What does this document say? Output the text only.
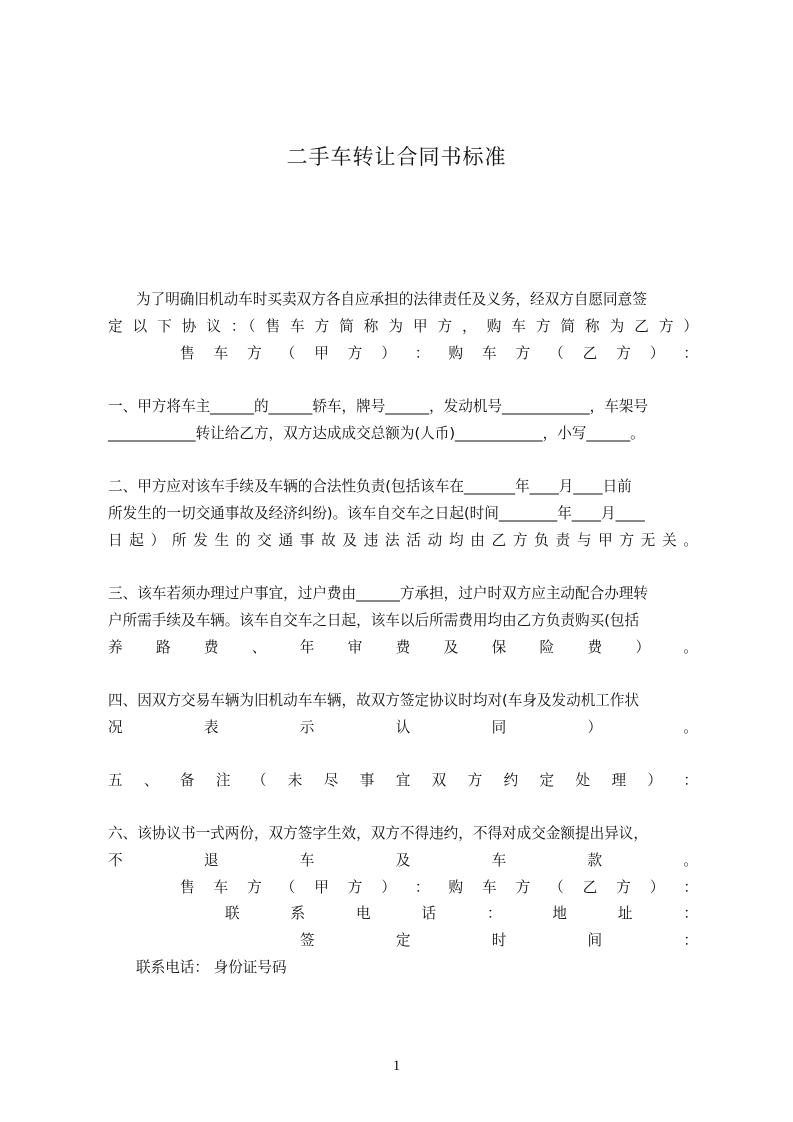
二手车转让合同书标准
为了明确旧机动车时买卖双方各自应承担的法律责任及义务，经双方自愿同意签
定 以 下 协 议 ：（ 售 车 方 简 称 为 甲 方 ， 购 车 方 简 称 为 乙 方 ）
售 车 方 （ 甲 方 ） ： 购 车 方 （ 乙 方 ） ：
一、甲方将车主______的______轿车，牌号______，发动机号____________，车架号
____________转让给乙方，双方达成成交总额为(人币)____________，小写______。
二、甲方应对该车手续及车辆的合法性负责(包括该车在_______年____月____日前
所发生的一切交通事故及经济纠纷)。该车自交车之日起(时间________年____月____
日 起 ） 所 发 生 的 交 通 事 故 及 违 法 活 动 均 由 乙 方 负 责 与 甲 方 无 关 。
三、该车若须办理过户事宜，过户费由______方承担，过户时双方应主动配合办理转
户所需手续及车辆。该车自交车之日起，该车以后所需费用均由乙方负责购买(包括
养 路 费 、 年 审 费 及 保 险 费 ） 。
四、因双方交易车辆为旧机动车车辆，故双方签定协议时均对(车身及发动机工作状
况 表 示 认 同 ） 。
五 、 备 注 （ 未 尽 事 宜 双 方 约 定 处 理 ） ：
六、该协议书一式两份，双方签字生效，双方不得违约，不得对成交金额提出异议，
不 退 车 及 车 款 。
售 车 方 （ 甲 方 ） ： 购 车 方 （ 乙 方 ） ：
联 系 电 话 ： 地 址 ：
签 定 时 间 ：
联系电话： 身份证号码
1
